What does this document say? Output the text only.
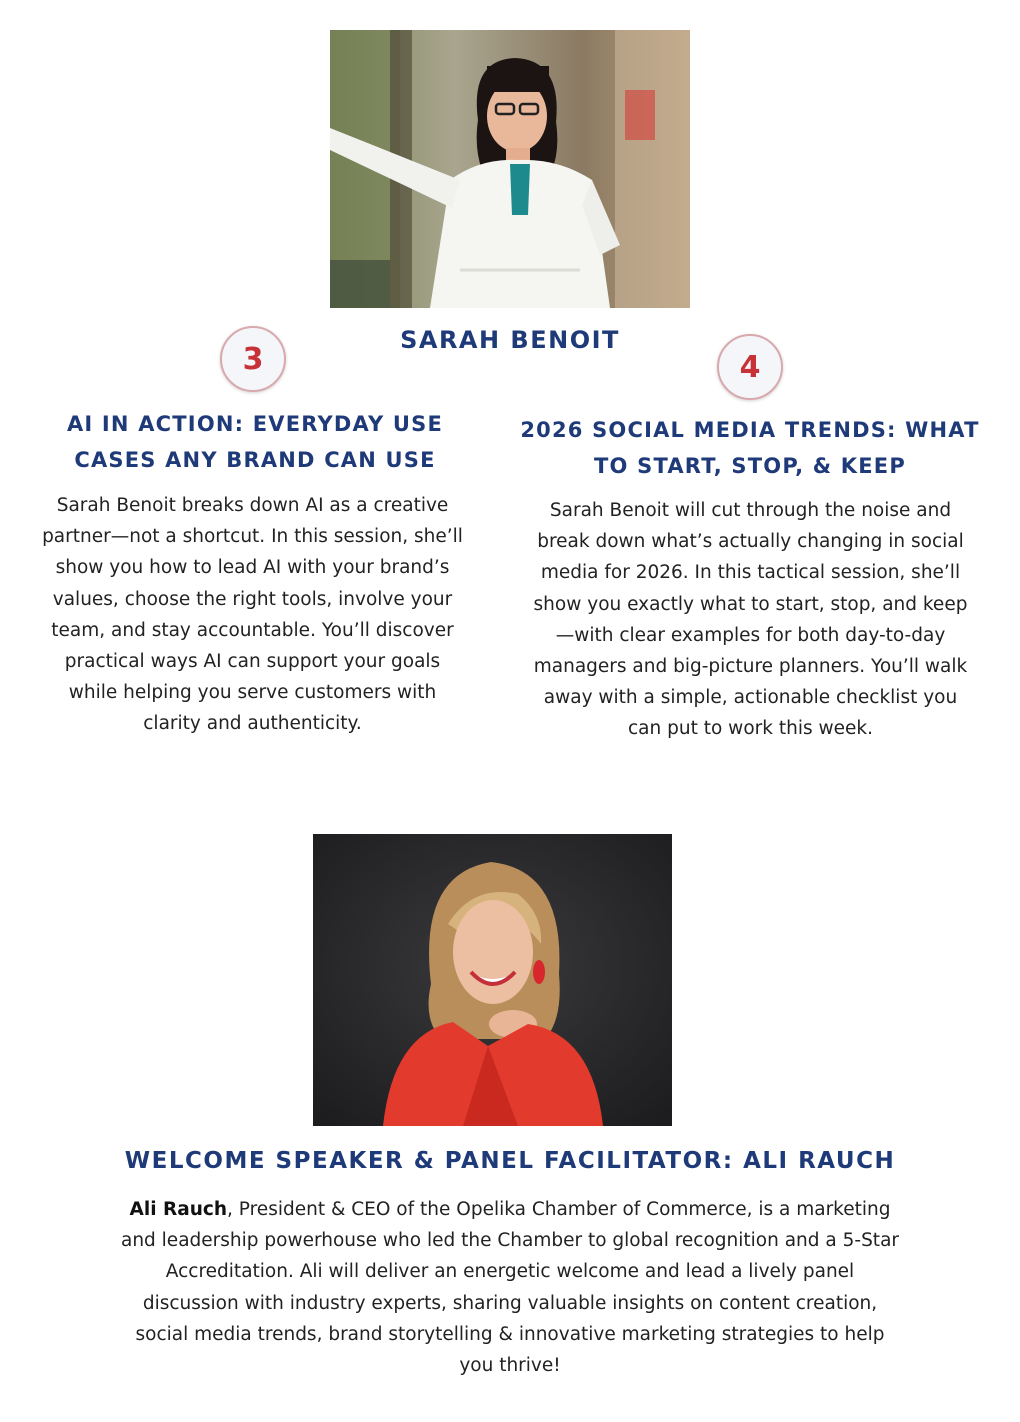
SARAH BENOIT
3
AI IN ACTION: EVERYDAY USE CASES ANY BRAND CAN USE
Sarah Benoit breaks down AI as a creative partner—not a shortcut. In this session, she’ll show you how to lead AI with your brand’s values, choose the right tools, involve your team, and stay accountable. You’ll discover practical ways AI can support your goals while helping you serve customers with clarity and authenticity.
4
2026 SOCIAL MEDIA TRENDS: WHAT TO START, STOP, & KEEP
Sarah Benoit will cut through the noise and break down what’s actually changing in social media for 2026. In this tactical session, she’ll show you exactly what to start, stop, and keep—with clear examples for both day-to-day managers and big-picture planners. You’ll walk away with a simple, actionable checklist you can put to work this week.
WELCOME SPEAKER & PANEL FACILITATOR: ALI RAUCH
Ali Rauch, President & CEO of the Opelika Chamber of Commerce, is a marketing and leadership powerhouse who led the Chamber to global recognition and a 5-Star Accreditation. Ali will deliver an energetic welcome and lead a lively panel discussion with industry experts, sharing valuable insights on content creation, social media trends, brand storytelling & innovative marketing strategies to help you thrive!
